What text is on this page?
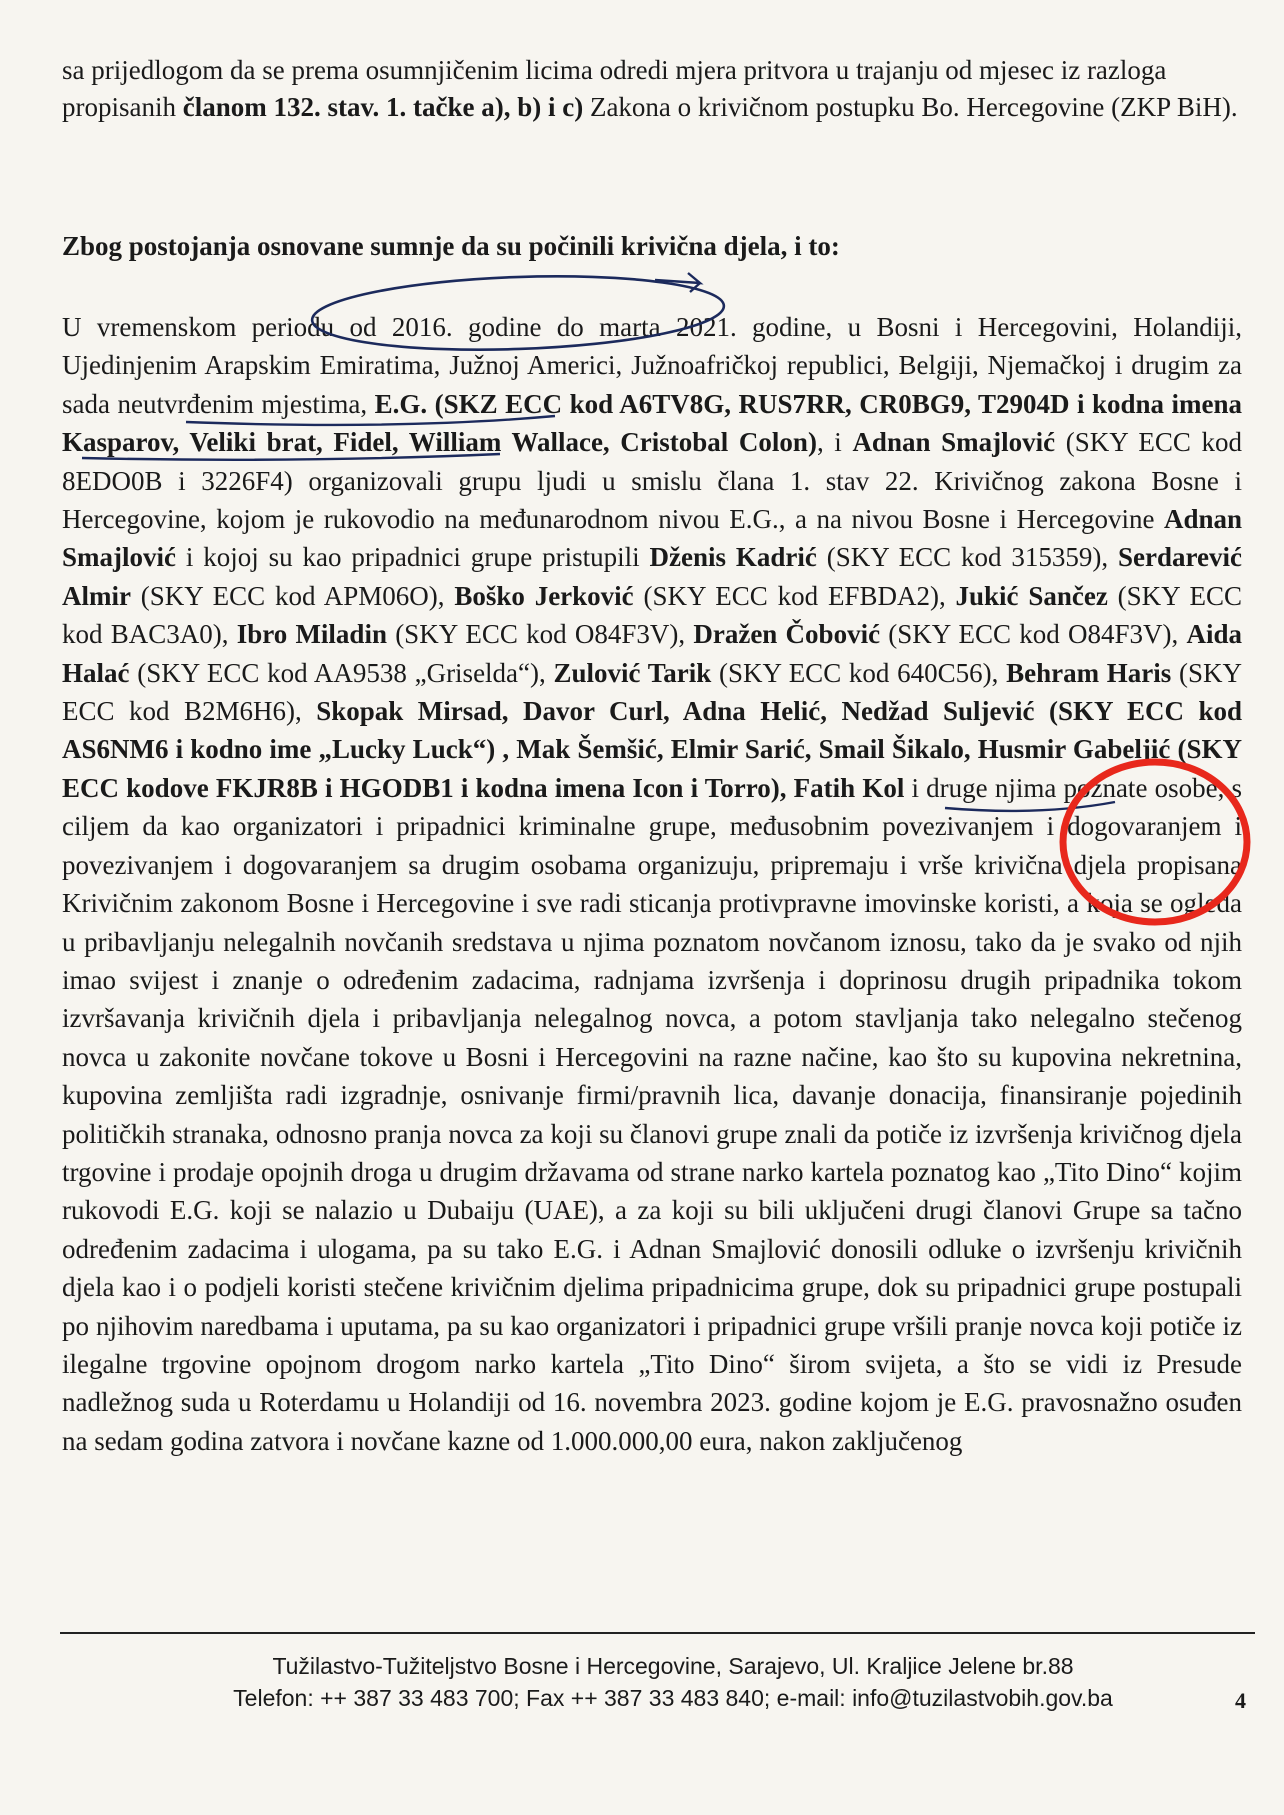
sa prijedlogom da se prema osumnjičenim licima odredi mjera pritvora u trajanju od mjesec iz razloga propisanih članom 132. stav. 1. tačke a), b) i c) Zakona o krivičnom postupku Bo. Hercegovine (ZKP BiH).

Zbog postojanja osnovane sumnje da su počinili krivična djela, i to:

U vremenskom periodu od 2016. godine do marta 2021. godine, u Bosni i Hercegovini, Holandiji, Ujedinjenim Arapskim Emiratima, Južnoj Americi, Južnoafričkoj republici, Belgiji, Njemačkoj i drugim za sada neutvrđenim mjestima, E.G. (SKZ ECC kod A6TV8G, RUS7RR, CR0BG9, T2904D i kodna imena Kasparov, Veliki brat, Fidel, William Wallace, Cristobal Colon), i Adnan Smajlović (SKY ECC kod 8EDO0B i 3226F4) organizovali grupu ljudi u smislu člana 1. stav 22. Krivičnog zakona Bosne i Hercegovine, kojom je rukovodio na međunarodnom nivou E.G., a na nivou Bosne i Hercegovine Adnan Smajlović i kojoj su kao pripadnici grupe pristupili Dženis Kadrić (SKY ECC kod 315359), Serdarević Almir (SKY ECC kod APM06O), Boško Jerković (SKY ECC kod EFBDA2), Jukić Sančez (SKY ECC kod BAC3A0), Ibro Miladin (SKY ECC kod O84F3V), Dražen Čobović (SKY ECC kod O84F3V), Aida Halać (SKY ECC kod AA9538 „Griselda“), Zulović Tarik (SKY ECC kod 640C56), Behram Haris (SKY ECC kod B2M6H6), Skopak Mirsad, Davor Curl, Adna Helić, Nedžad Suljević (SKY ECC kod AS6NM6 i kodno ime „Lucky Luck“) , Mak Šemšić, Elmir Sarić, Smail Šikalo, Husmir Gabeljić (SKY ECC kodove FKJR8B i HGODB1 i kodna imena Icon i Torro), Fatih Kol i druge njima poznate osobe, s ciljem da kao organizatori i pripadnici kriminalne grupe, međusobnim povezivanjem i dogovaranjem i povezivanjem i dogovaranjem sa drugim osobama organizuju, pripremaju i vrše krivična djela propisana Krivičnim zakonom Bosne i Hercegovine i sve radi sticanja protivpravne imovinske koristi, a koja se ogleda u pribavljanju nelegalnih novčanih sredstava u njima poznatom novčanom iznosu, tako da je svako od njih imao svijest i znanje o određenim zadacima, radnjama izvršenja i doprinosu drugih pripadnika tokom izvršavanja krivičnih djela i pribavljanja nelegalnog novca, a potom stavljanja tako nelegalno stečenog novca u zakonite novčane tokove u Bosni i Hercegovini na razne načine, kao što su kupovina nekretnina, kupovina zemljišta radi izgradnje, osnivanje firmi/pravnih lica, davanje donacija, finansiranje pojedinih političkih stranaka, odnosno pranja novca za koji su članovi grupe znali da potiče iz izvršenja krivičnog djela trgovine i prodaje opojnih droga u drugim državama od strane narko kartela poznatog kao „Tito Dino“ kojim rukovodi E.G. koji se nalazio u Dubaiju (UAE), a za koji su bili uključeni drugi članovi Grupe sa tačno određenim zadacima i ulogama, pa su tako E.G. i Adnan Smajlović donosili odluke o izvršenju krivičnih djela kao i o podjeli koristi stečene krivičnim djelima pripadnicima grupe, dok su pripadnici grupe postupali po njihovim naredbama i uputama, pa su kao organizatori i pripadnici grupe vršili pranje novca koji potiče iz ilegalne trgovine opojnom drogom narko kartela „Tito Dino“ širom svijeta, a što se vidi iz Presude nadležnog suda u Roterdamu u Holandiji od 16. novembra 2023. godine kojom je E.G. pravosnažno osuđen na sedam godina zatvora i novčane kazne od 1.000.000,00 eura, nakon zaključenog

Tužilastvo-Tužiteljstvo Bosne i Hercegovine, Sarajevo, Ul. Kraljice Jelene br.88
Telefon: ++ 387 33 483 700; Fax ++ 387 33 483 840; e-mail: info@tuzilastvobih.gov.ba	4
